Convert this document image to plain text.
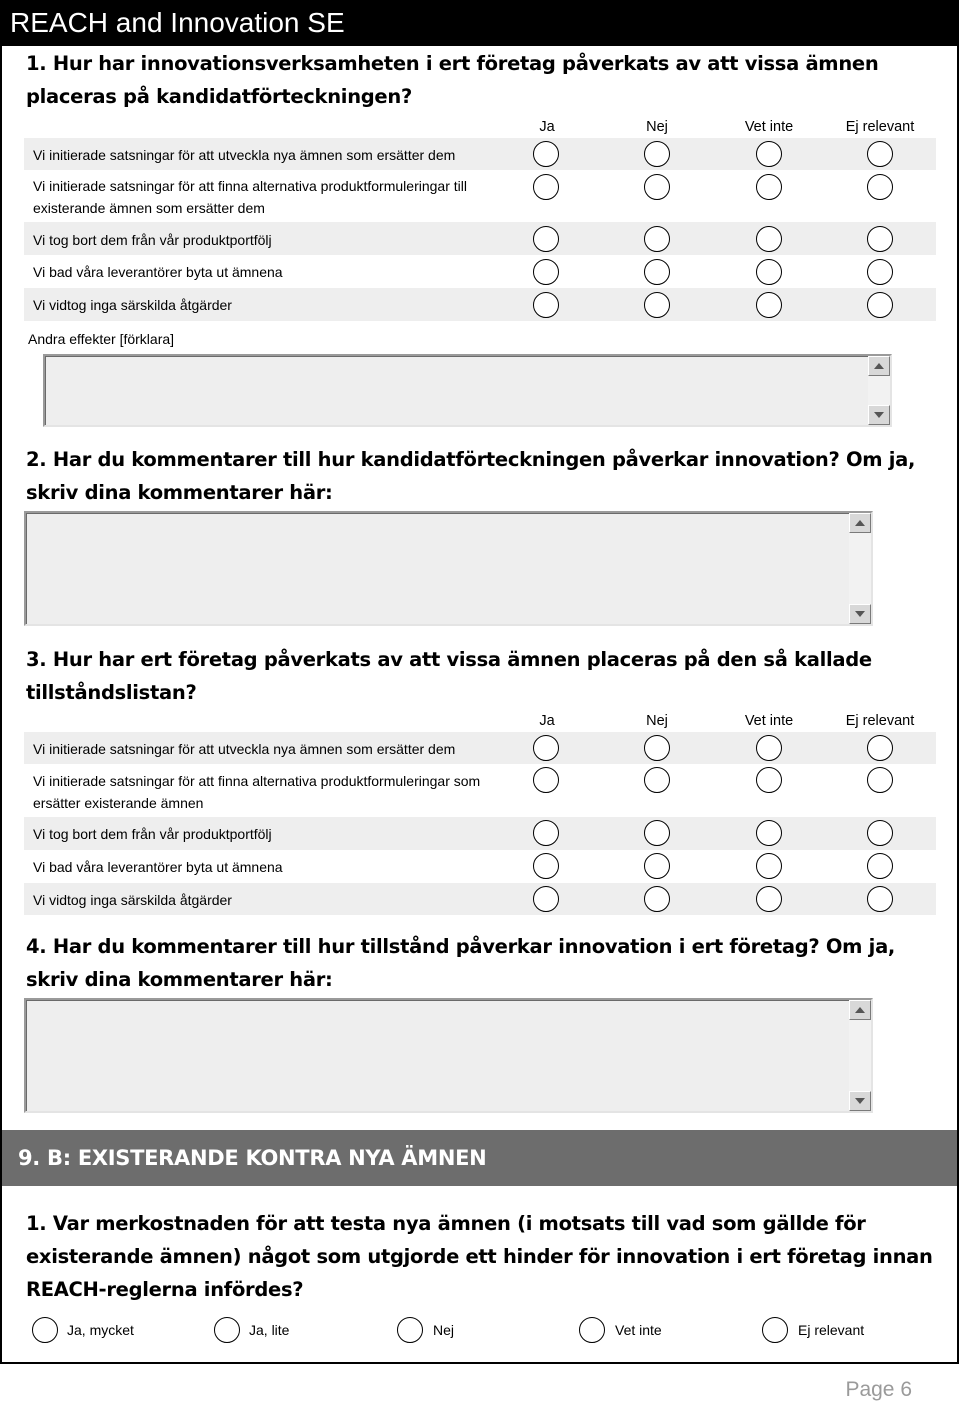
REACH and Innovation SE
1. Hur har innovationsverksamheten i ert företag påverkats av att vissa ämnen placeras på kandidatförteckningen?
Ja	Nej	Vet inte	Ej relevant
Vi initierade satsningar för att utveckla nya ämnen som ersätter dem
Vi initierade satsningar för att finna alternativa produktformuleringar till existerande ämnen som ersätter dem
Vi tog bort dem från vår produktportfölj
Vi bad våra leverantörer byta ut ämnena
Vi vidtog inga särskilda åtgärder
Andra effekter [förklara]
2. Har du kommentarer till hur kandidatförteckningen påverkar innovation? Om ja, skriv dina kommentarer här:
3. Hur har ert företag påverkats av att vissa ämnen placeras på den så kallade tillståndslistan?
Ja	Nej	Vet inte	Ej relevant
Vi initierade satsningar för att utveckla nya ämnen som ersätter dem
Vi initierade satsningar för att finna alternativa produktformuleringar som ersätter existerande ämnen
Vi tog bort dem från vår produktportfölj
Vi bad våra leverantörer byta ut ämnena
Vi vidtog inga särskilda åtgärder
4. Har du kommentarer till hur tillstånd påverkar innovation i ert företag? Om ja, skriv dina kommentarer här:
9. B: EXISTERANDE KONTRA NYA ÄMNEN
1. Var merkostnaden för att testa nya ämnen (i motsats till vad som gällde för existerande ämnen) något som utgjorde ett hinder för innovation i ert företag innan REACH-reglerna infördes?
Ja, mycket	Ja, lite	Nej	Vet inte	Ej relevant
Page 6
